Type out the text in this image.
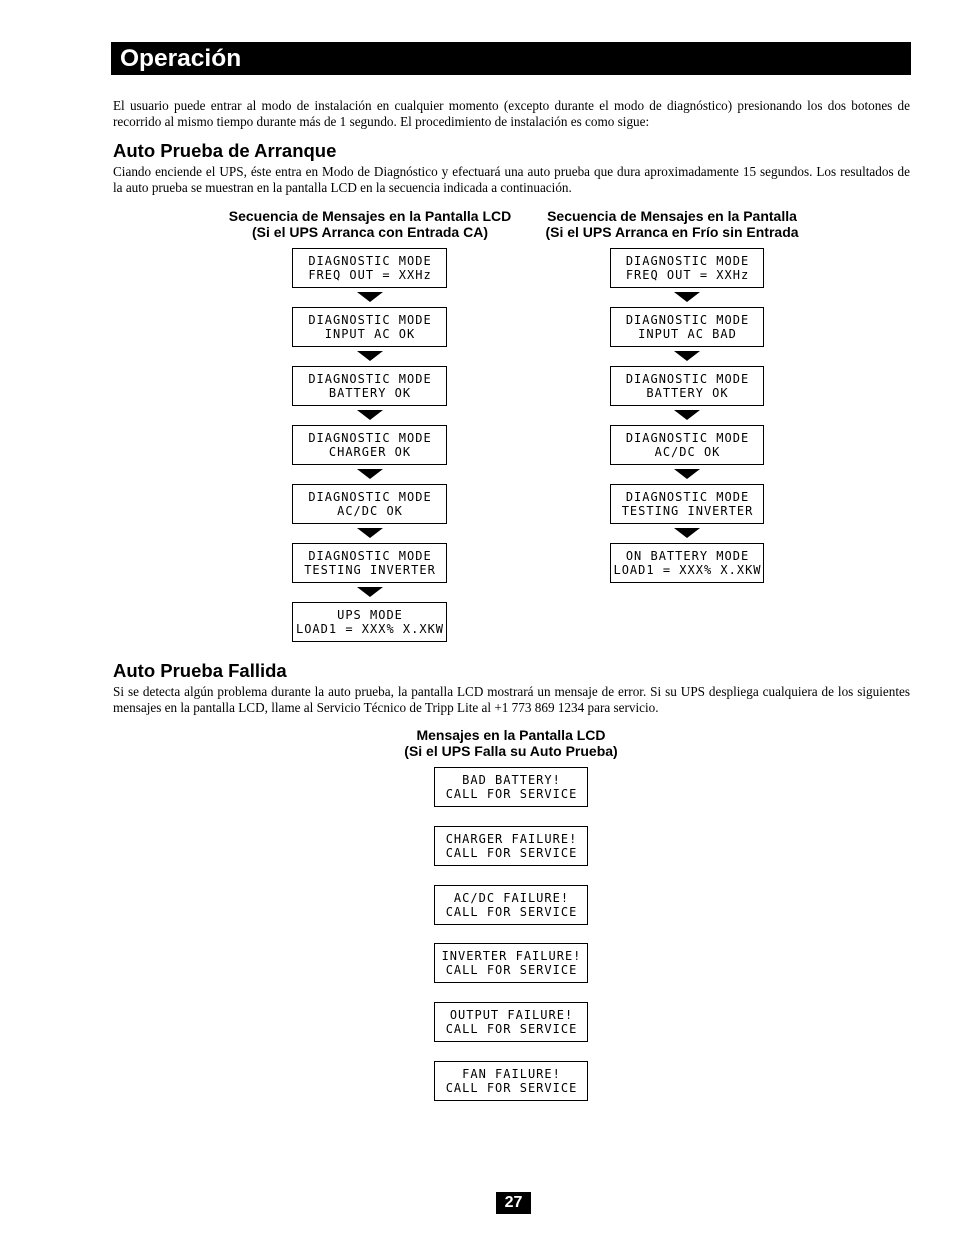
Operación
El usuario puede entrar al modo de instalación en cualquier momento (excepto durante el modo de diagnóstico) presionando los dos botones de
recorrido al mismo tiempo durante más de 1 segundo. El procedimiento de instalación es como sigue:
Auto Prueba de Arranque
Ciando enciende el UPS, éste entra en Modo de Diagnóstico y efectuará una auto prueba que dura aproximadamente 15 segundos. Los resultados de
la auto prueba se muestran en la pantalla LCD en la secuencia indicada a continuación.
Secuencia de Mensajes en la Pantalla LCD
(Si el UPS Arranca con Entrada CA)
Secuencia de Mensajes en la Pantalla
(Si el UPS Arranca en Frío sin Entrada
DIAGNOSTIC MODE
FREQ OUT = XXHz
DIAGNOSTIC MODE
INPUT AC OK
DIAGNOSTIC MODE
BATTERY OK
DIAGNOSTIC MODE
CHARGER OK
DIAGNOSTIC MODE
AC/DC OK
DIAGNOSTIC MODE
TESTING INVERTER
UPS MODE
LOAD1 = XXX% X.XKW
DIAGNOSTIC MODE
FREQ OUT = XXHz
DIAGNOSTIC MODE
INPUT AC BAD
DIAGNOSTIC MODE
BATTERY OK
DIAGNOSTIC MODE
AC/DC OK
DIAGNOSTIC MODE
TESTING INVERTER
ON BATTERY MODE
LOAD1 = XXX% X.XKW
Auto Prueba Fallida
Si se detecta algún problema durante la auto prueba, la pantalla LCD mostrará un mensaje de error. Si su UPS despliega cualquiera de los siguientes
mensajes en la pantalla LCD, llame al Servicio Técnico de Tripp Lite al +1 773 869 1234 para servicio.
Mensajes en la Pantalla LCD
(Si el UPS Falla su Auto Prueba)
BAD BATTERY!
CALL FOR SERVICE
CHARGER FAILURE!
CALL FOR SERVICE
AC/DC FAILURE!
CALL FOR SERVICE
INVERTER FAILURE!
CALL FOR SERVICE
OUTPUT FAILURE!
CALL FOR SERVICE
FAN FAILURE!
CALL FOR SERVICE
27
